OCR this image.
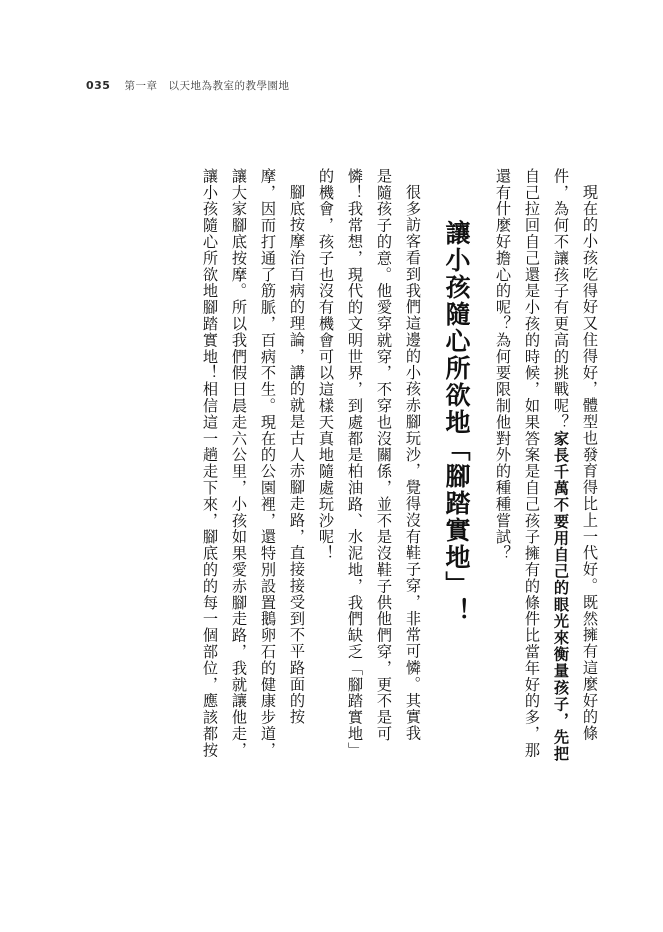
035 第一章　以天地為教室的教學園地
現在的小孩吃得好又住得好，體型也發育得比上一代好。既然擁有這麼好的條
件，為何不讓孩子有更高的挑戰呢？家長千萬不要用自己的眼光來衡量孩子，先把
自己拉回自己還是小孩的時候，如果答案是自己孩子擁有的條件比當年好的多，那
還有什麼好擔心的呢？為何要限制他對外的種種嘗試？
讓小孩隨心所欲地「腳踏實地」！
很多訪客看到我們這邊的小孩赤腳玩沙，覺得沒有鞋子穿，非常可憐。其實我
是隨孩子的意。他愛穿就穿，不穿也沒關係，並不是沒鞋子供他們穿，更不是可
憐！我常想，現代的文明世界，到處都是柏油路、水泥地，我們缺乏「腳踏實地」
的機會，孩子也沒有機會可以這樣天真地隨處玩沙呢！
腳底按摩治百病的理論，講的就是古人赤腳走路，直接接受到不平路面的按
摩，因而打通了筋脈，百病不生。現在的公園裡，還特別設置鵝卵石的健康步道，
讓大家腳底按摩。所以我們假日晨走六公里，小孩如果愛赤腳走路，我就讓他走，
讓小孩隨心所欲地腳踏實地！相信這一趟走下來，腳底的的每一個部位，應該都按
